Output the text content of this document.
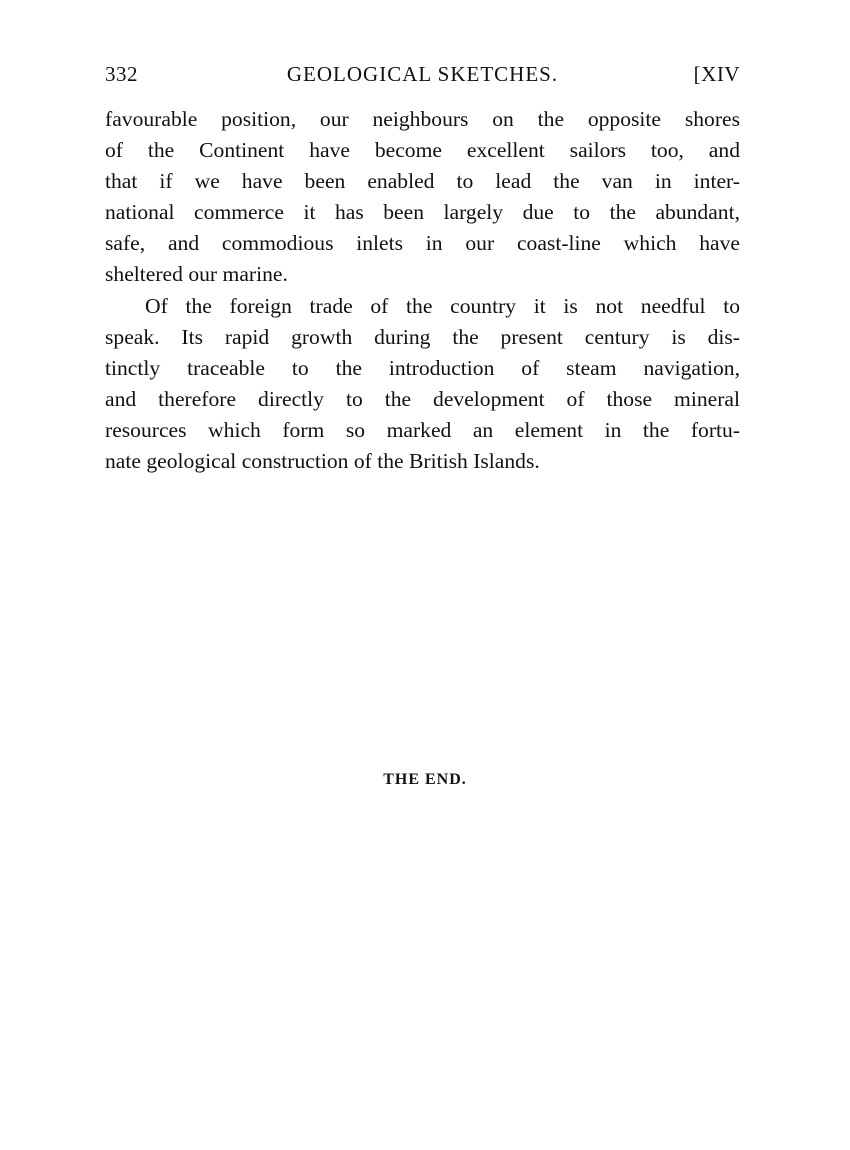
332	GEOLOGICAL SKETCHES.	[XIV
favourable position, our neighbours on the opposite shores
of the Continent have become excellent sailors too, and
that if we have been enabled to lead the van in inter-
national commerce it has been largely due to the abundant,
safe, and commodious inlets in our coast-line which have
sheltered our marine.
Of the foreign trade of the country it is not needful to
speak. Its rapid growth during the present century is dis-
tinctly traceable to the introduction of steam navigation,
and therefore directly to the development of those mineral
resources which form so marked an element in the fortu-
nate geological construction of the British Islands.
THE END.
